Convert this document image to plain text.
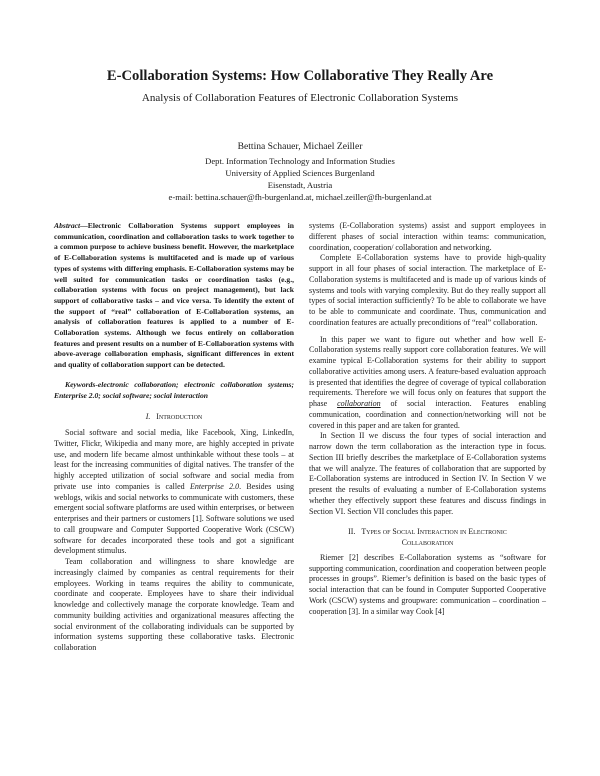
E-Collaboration Systems: How Collaborative They Really Are
Analysis of Collaboration Features of Electronic Collaboration Systems
Bettina Schauer, Michael Zeiller
Dept. Information Technology and Information Studies
University of Applied Sciences Burgenland
Eisenstadt, Austria
e-mail: bettina.schauer@fh-burgenland.at, michael.zeiller@fh-burgenland.at

Abstract—Electronic Collaboration Systems support employees in communication, coordination and collaboration tasks to work together to a common purpose to achieve business benefit. However, the marketplace of E-Collaboration systems is multifaceted and is made up of various types of systems with differing emphasis. E-Collaboration systems may be well suited for communication tasks or coordination tasks (e.g., collaboration systems with focus on project management), but lack support of collaborative tasks – and vice versa. To identify the extent of the support of “real” collaboration of E-Collaboration systems, an analysis of collaboration features is applied to a number of E-Collaboration systems. Although we focus entirely on collaboration features and present results on a number of E-Collaboration systems with above-average collaboration emphasis, significant differences in extent and quality of collaboration support can be detected.

Keywords-electronic collaboration; electronic collaboration systems; Enterprise 2.0; social software; social interaction

I. Introduction

Social software and social media, like Facebook, Xing, LinkedIn, Twitter, Flickr, Wikipedia and many more, are highly accepted in private use, and modern life became almost unthinkable without these tools – at least for the increasing communities of digital natives. The transfer of the highly accepted utilization of social software and social media from private use into companies is called Enterprise 2.0. Besides using weblogs, wikis and social networks to communicate with customers, these emergent social software platforms are used within enterprises, or between enterprises and their partners or customers [1]. Software solutions we used to call groupware and Computer Supported Cooperative Work (CSCW) software for decades incorporated these tools and got a significant development stimulus.

Team collaboration and willingness to share knowledge are increasingly claimed by companies as central requirements for their employees. Working in teams requires the ability to communicate, coordinate and cooperate. Employees have to share their individual knowledge and collectively manage the corporate knowledge. Team and community building activities and organizational measures affecting the social environment of the collaborating individuals can be supported by information systems supporting these collaborative tasks. Electronic collaboration

systems (E-Collaboration systems) assist and support employees in different phases of social interaction within teams: communication, coordination, cooperation/ collaboration and networking.

Complete E-Collaboration systems have to provide high-quality support in all four phases of social interaction. The marketplace of E-Collaboration systems is multifaceted and is made up of various kinds of systems and tools with varying complexity. But do they really support all types of social interaction sufficiently? To be able to collaborate we have to be able to communicate and coordinate. Thus, communication and coordination features are actually preconditions of “real” collaboration.

In this paper we want to figure out whether and how well E-Collaboration systems really support core collaboration features. We will examine typical E-Collaboration systems for their ability to support collaborative activities among users. A feature-based evaluation approach is presented that identifies the degree of coverage of typical collaboration requirements. Therefore we will focus only on features that support the phase collaboration of social interaction. Features enabling communication, coordination and connection/networking will not be covered in this paper and are taken for granted.

In Section II we discuss the four types of social interaction and narrow down the term collaboration as the interaction type in focus. Section III briefly describes the marketplace of E-Collaboration systems that we will analyze. The features of collaboration that are supported by E-Collaboration systems are introduced in Section IV. In Section V we present the results of evaluating a number of E-Collaboration systems whether they effectively support these features and discuss findings in Section VI. Section VII concludes this paper.

II. Types of Social Interaction in Electronic

Collaboration

Riemer [2] describes E-Collaboration systems as “software for supporting communication, coordination and cooperation between people processes in groups”. Riemer’s definition is based on the basic types of social interaction that can be found in Computer Supported Cooperative Work (CSCW) systems and groupware: communication – coordination – cooperation [3]. In a similar way Cook [4]
